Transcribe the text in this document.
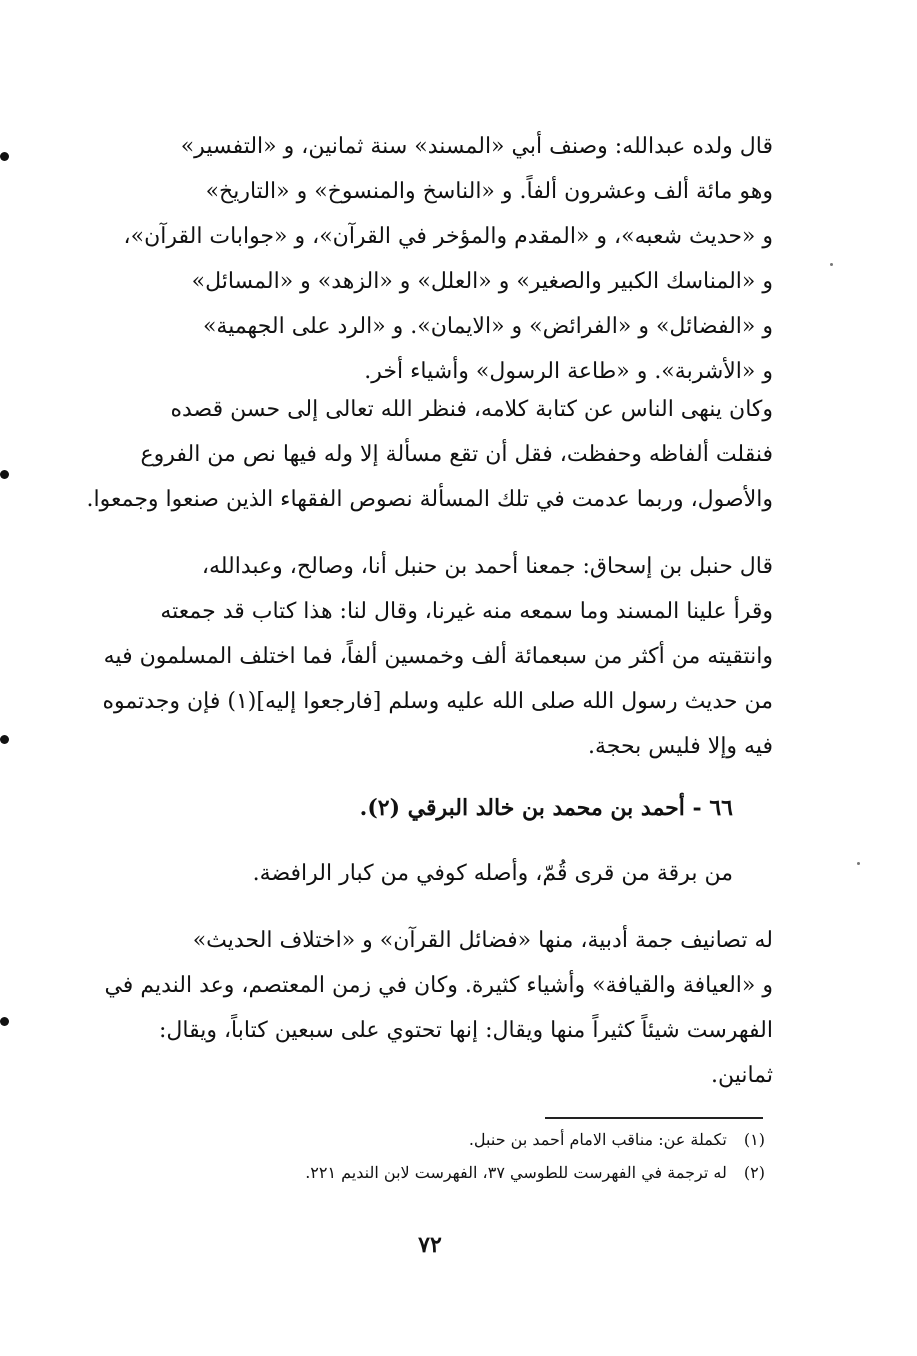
قال ولده عبدالله: وصنف أبي «المسند» سنة ثمانين، و «التفسير»
وهو مائة ألف وعشرون ألفاً. و «الناسخ والمنسوخ» و «التاريخ»
و «حديث شعبه»، و «المقدم والمؤخر في القرآن»، و «جوابات القرآن»،
و «المناسك الكبير والصغير» و «العلل» و «الزهد» و «المسائل»
و «الفضائل» و «الفرائض» و «الايمان». و «الرد على الجهمية»
و «الأشربة». و «طاعة الرسول» وأشياء أخر.
وكان ينهى الناس عن كتابة كلامه، فنظر الله تعالى إلى حسن قصده
فنقلت ألفاظه وحفظت، فقل أن تقع مسألة إلا وله فيها نص من الفروع
والأصول، وربما عدمت في تلك المسألة نصوص الفقهاء الذين صنعوا وجمعوا.
قال حنبل بن إسحاق: جمعنا أحمد بن حنبل أنا، وصالح، وعبدالله،
وقرأ علينا المسند وما سمعه منه غيرنا، وقال لنا: هذا كتاب قد جمعته
وانتقيته من أكثر من سبعمائة ألف وخمسين ألفاً، فما اختلف المسلمون فيه
من حديث رسول الله صلى الله عليه وسلم [فارجعوا إليه](١) فإن وجدتموه
فيه وإلا فليس بحجة.
٦٦ - أحمد بن محمد بن خالد البرقي (٢).
من برقة من قرى قُمّ، وأصله كوفي من كبار الرافضة.
له تصانيف جمة أدبية، منها «فضائل القرآن» و «اختلاف الحديث»
و «العيافة والقيافة» وأشياء كثيرة. وكان في زمن المعتصم، وعد النديم في
الفهرست شيئاً كثيراً منها ويقال: إنها تحتوي على سبعين كتاباً، ويقال:
ثمانين.
(١) تكملة عن: مناقب الامام أحمد بن حنبل.
(٢) له ترجمة في الفهرست للطوسي ٣٧، الفهرست لابن النديم ٢٢١.
٧٢
